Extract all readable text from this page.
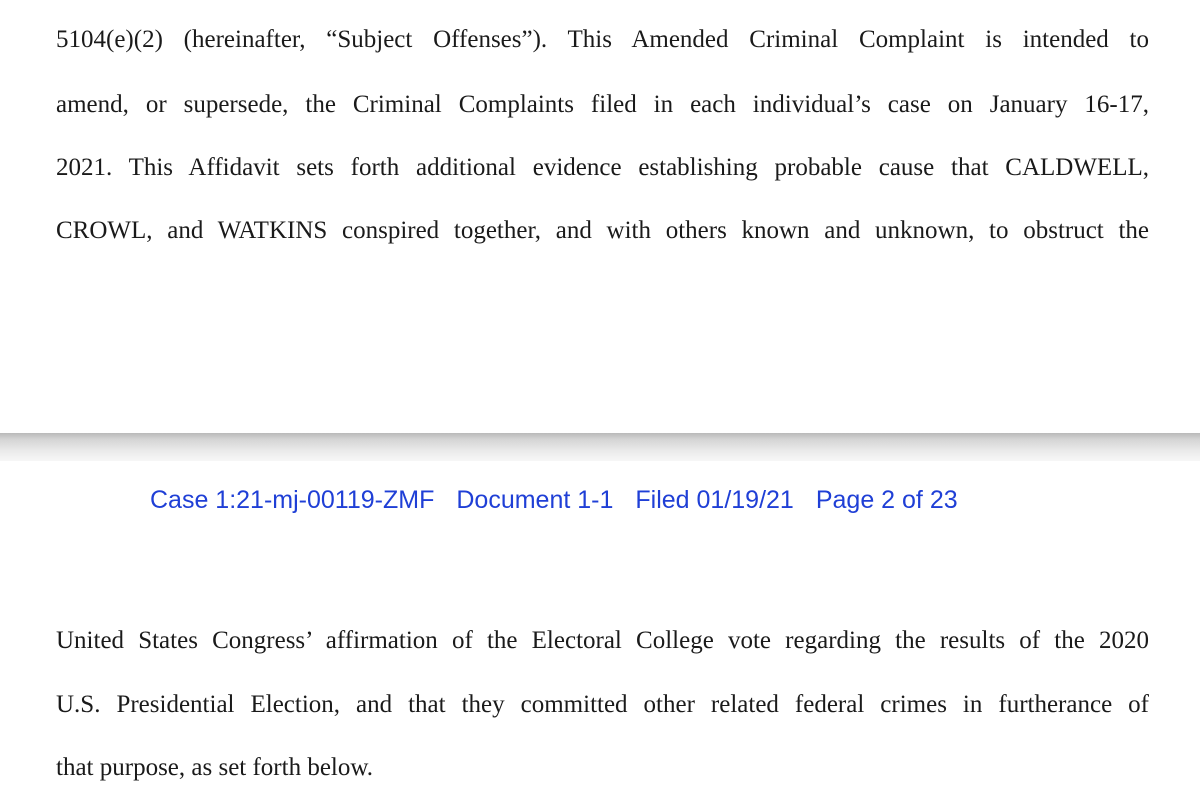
5104(e)(2) (hereinafter, “Subject Offenses”). This Amended Criminal Complaint is intended to

amend, or supersede, the Criminal Complaints filed in each individual’s case on January 16-17,

2021. This Affidavit sets forth additional evidence establishing probable cause that CALDWELL,

CROWL, and WATKINS conspired together, and with others known and unknown, to obstruct the

Case 1:21-mj-00119-ZMF Document 1-1 Filed 01/19/21 Page 2 of 23

United States Congress’ affirmation of the Electoral College vote regarding the results of the 2020

U.S. Presidential Election, and that they committed other related federal crimes in furtherance of

that purpose, as set forth below.
